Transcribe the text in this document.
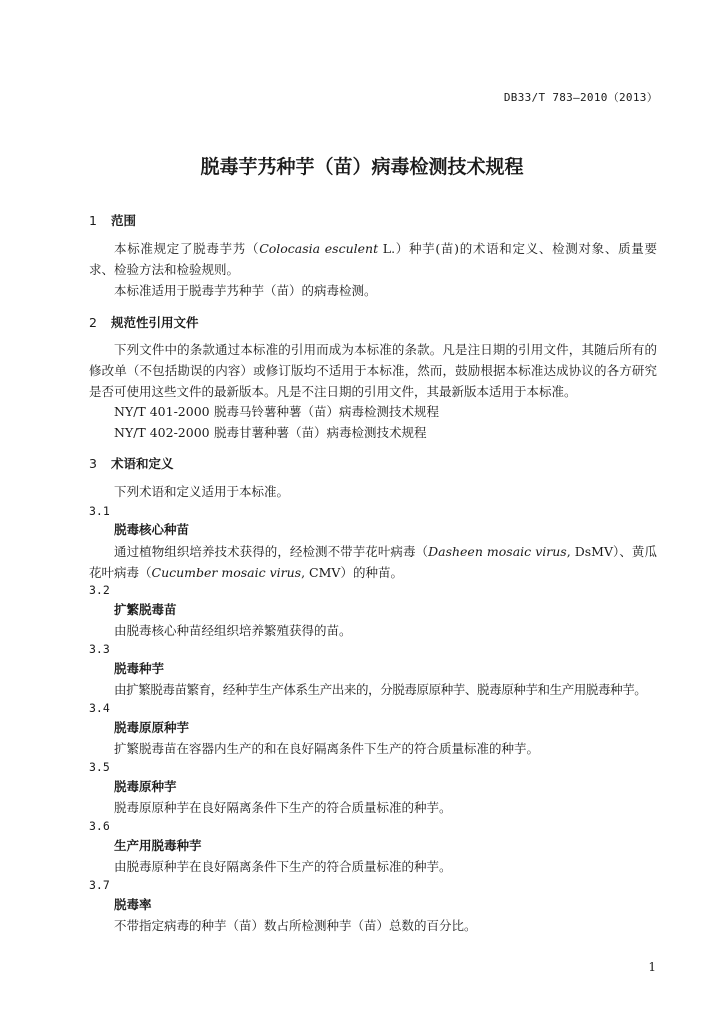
DB33/T 783—2010（2013）
脱毒芋艿种芋（苗）病毒检测技术规程
1 范围
本标准规定了脱毒芋艿（Colocasia esculent L.）种芋(苗)的术语和定义、检测对象、质量要求、检验方法和检验规则。
本标准适用于脱毒芋艿种芋（苗）的病毒检测。
2 规范性引用文件
下列文件中的条款通过本标准的引用而成为本标准的条款。凡是注日期的引用文件，其随后所有的修改单（不包括勘误的内容）或修订版均不适用于本标准，然而，鼓励根据本标准达成协议的各方研究是否可使用这些文件的最新版本。凡是不注日期的引用文件，其最新版本适用于本标准。
NY/T 401-2000 脱毒马铃薯种薯（苗）病毒检测技术规程
NY/T 402-2000 脱毒甘薯种薯（苗）病毒检测技术规程
3 术语和定义
下列术语和定义适用于本标准。
3.1
脱毒核心种苗
通过植物组织培养技术获得的，经检测不带芋花叶病毒（Dasheen mosaic virus, DsMV）、黄瓜花叶病毒（Cucumber mosaic virus, CMV）的种苗。
3.2
扩繁脱毒苗
由脱毒核心种苗经组织培养繁殖获得的苗。
3.3
脱毒种芋
由扩繁脱毒苗繁育，经种芋生产体系生产出来的，分脱毒原原种芋、脱毒原种芋和生产用脱毒种芋。
3.4
脱毒原原种芋
扩繁脱毒苗在容器内生产的和在良好隔离条件下生产的符合质量标准的种芋。
3.5
脱毒原种芋
脱毒原原种芋在良好隔离条件下生产的符合质量标准的种芋。
3.6
生产用脱毒种芋
由脱毒原种芋在良好隔离条件下生产的符合质量标准的种芋。
3.7
脱毒率
不带指定病毒的种芋（苗）数占所检测种芋（苗）总数的百分比。
1
